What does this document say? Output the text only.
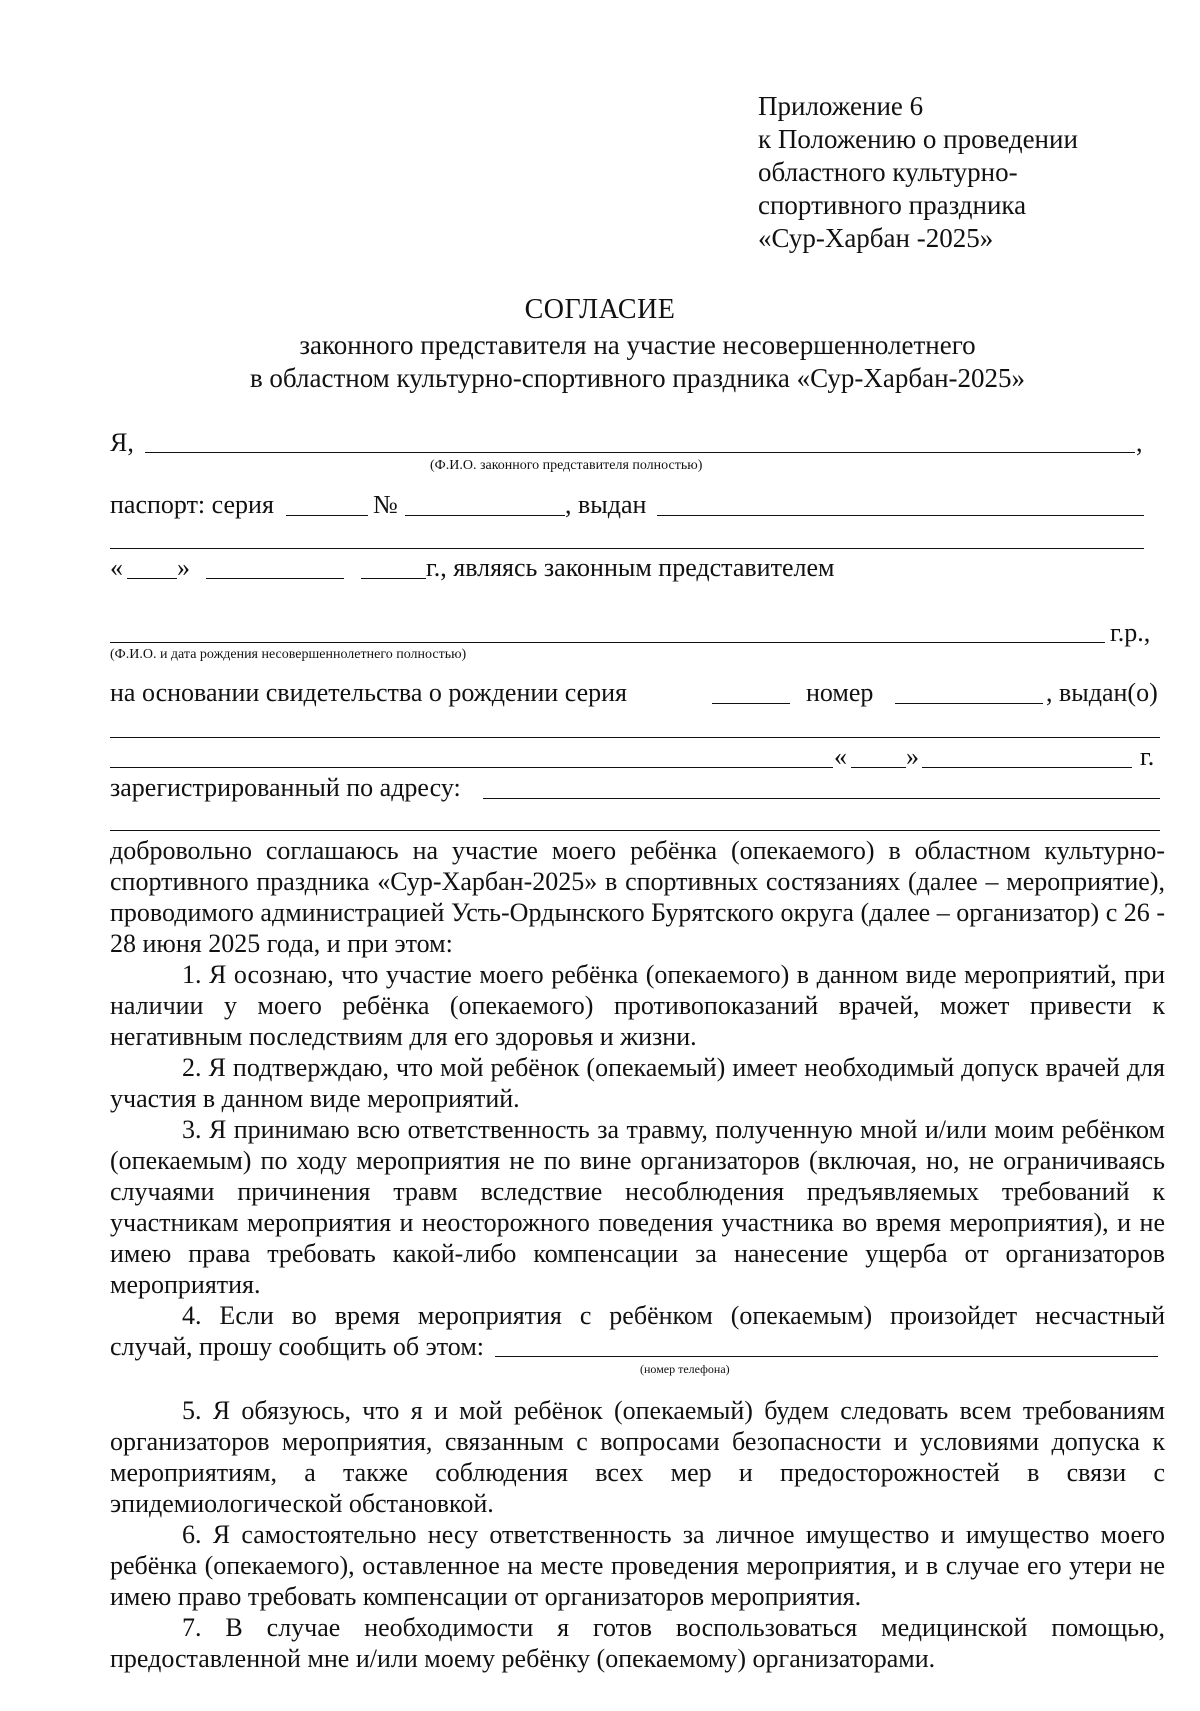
Приложение 6
к Положению о проведении
областного культурно-
спортивного праздника
«Сур-Харбан -2025»
СОГЛАСИЕ
законного представителя на участие несовершеннолетнего
в областном культурно-спортивного праздника «Сур-Харбан-2025»
Я,	,
(Ф.И.О. законного представителя полностью)
паспорт: серия	№	, выдан
« »	г., являясь законным представителем
г.р.,
(Ф.И.О. и дата рождения несовершеннолетнего полностью)
на основании свидетельства о рождении серия	номер	, выдан(о)
« »	г.
зарегистрированный по адресу:
добровольно соглашаюсь на участие моего ребёнка (опекаемого) в областном культурно-спортивного праздника «Сур-Харбан-2025» в спортивных состязаниях (далее – мероприятие), проводимого администрацией Усть-Ордынского Бурятского округа (далее – организатор) с 26 - 28 июня 2025 года, и при этом:
1. Я осознаю, что участие моего ребёнка (опекаемого) в данном виде мероприятий, при наличии у моего ребёнка (опекаемого) противопоказаний врачей, может привести к негативным последствиям для его здоровья и жизни.
2. Я подтверждаю, что мой ребёнок (опекаемый) имеет необходимый допуск врачей для участия в данном виде мероприятий.
3. Я принимаю всю ответственность за травму, полученную мной и/или моим ребёнком (опекаемым) по ходу мероприятия не по вине организаторов (включая, но, не ограничиваясь случаями причинения травм вследствие несоблюдения предъявляемых требований к участникам мероприятия и неосторожного поведения участника во время мероприятия), и не имею права требовать какой-либо компенсации за нанесение ущерба от организаторов мероприятия.
4. Если во время мероприятия с ребёнком (опекаемым) произойдет несчастный
случай, прошу сообщить об этом:
(номер телефона)
5. Я обязуюсь, что я и мой ребёнок (опекаемый) будем следовать всем требованиям организаторов мероприятия, связанным с вопросами безопасности и условиями допуска к мероприятиям, а также соблюдения всех мер и предосторожностей в связи с эпидемиологической обстановкой.
6. Я самостоятельно несу ответственность за личное имущество и имущество моего ребёнка (опекаемого), оставленное на месте проведения мероприятия, и в случае его утери не имею право требовать компенсации от организаторов мероприятия.
7. В случае необходимости я готов воспользоваться медицинской помощью, предоставленной мне и/или моему ребёнку (опекаемому) организаторами.
